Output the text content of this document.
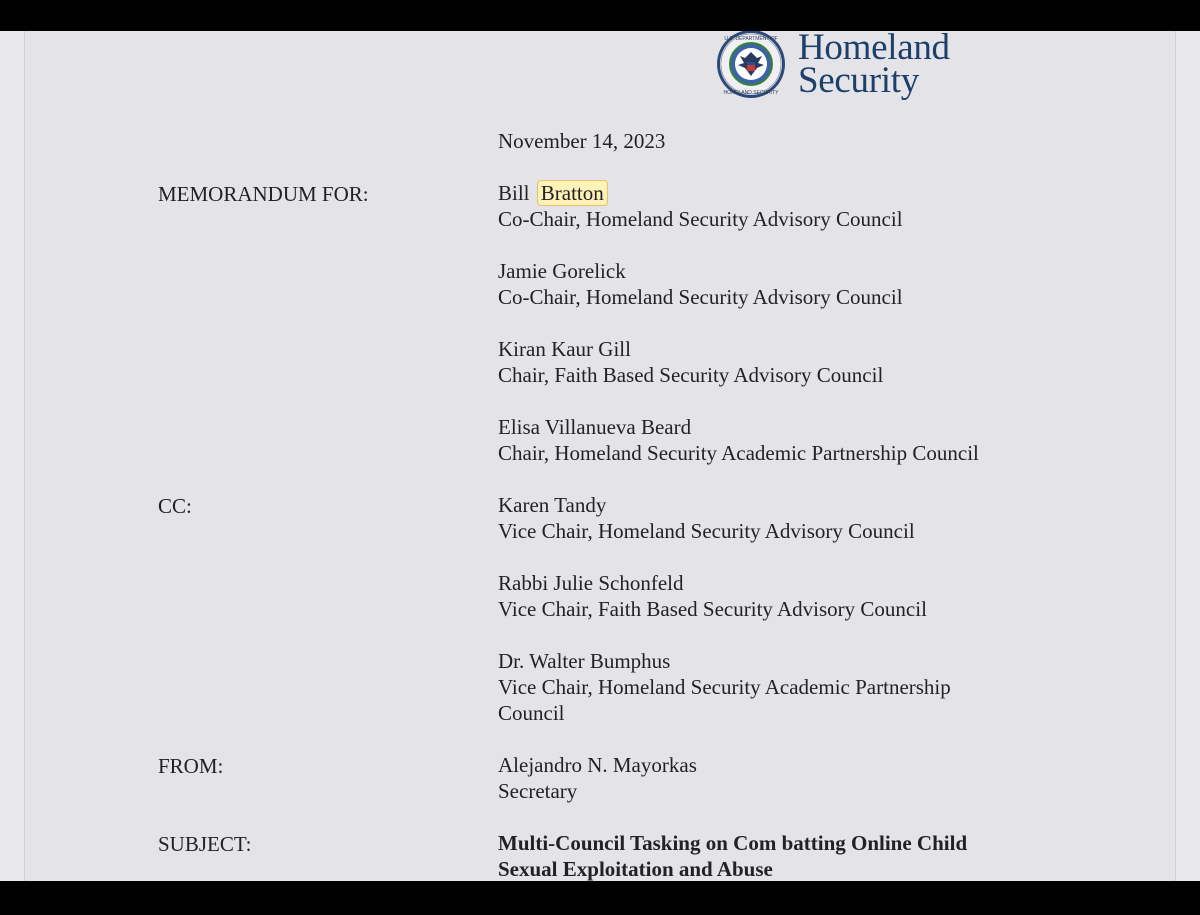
U.S. DEPARTMENT OF
HOMELAND SECURITY
Homeland
Security
November 14, 2023
MEMORANDUM FOR:	Bill Bratton
Co-Chair, Homeland Security Advisory Council
Jamie Gorelick
Co-Chair, Homeland Security Advisory Council
Kiran Kaur Gill
Chair, Faith Based Security Advisory Council
Elisa Villanueva Beard
Chair, Homeland Security Academic Partnership Council
CC:	Karen Tandy
Vice Chair, Homeland Security Advisory Council
Rabbi Julie Schonfeld
Vice Chair, Faith Based Security Advisory Council
Dr. Walter Bumphus
Vice Chair, Homeland Security Academic Partnership
Council
FROM:	Alejandro N. Mayorkas
Secretary
SUBJECT:	Multi-Council Tasking on Com batting Online Child
Sexual Exploitation and Abuse
